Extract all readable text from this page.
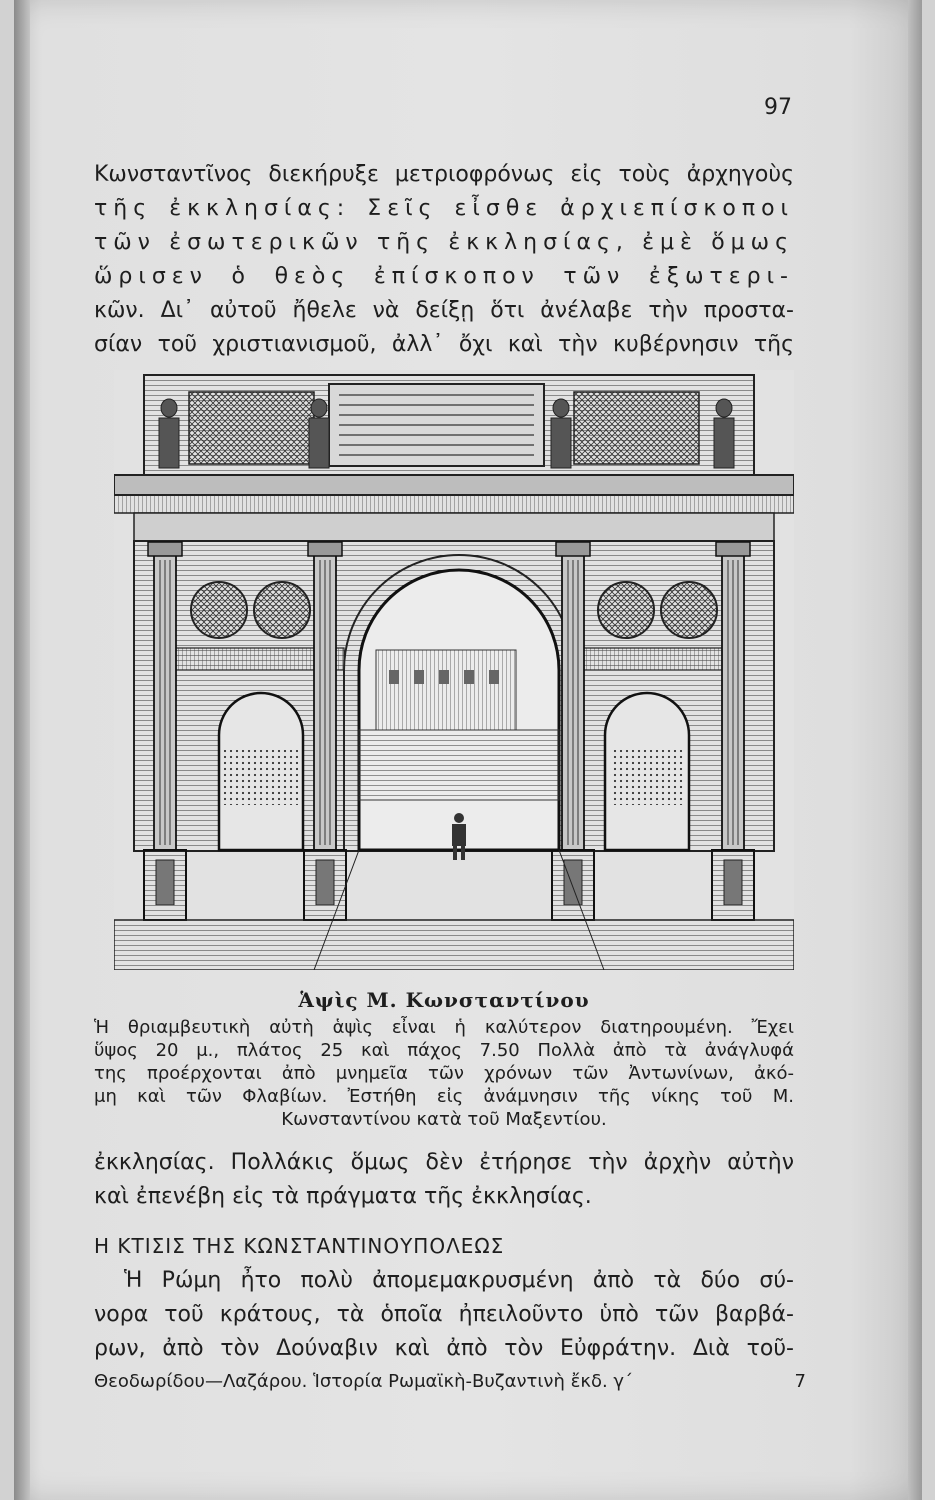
97
Κωνσταντῖνος διεκήρυξε μετριοφρόνως εἰς τοὺς ἀρχηγοὺς
τῆς ἐκκλησίας: Σεῖς εἶσθε ἀρχιεπίσκοποι
τῶν ἐσωτερικῶν τῆς ἐκκλησίας, ἐμὲ ὅμως
ὥρισεν ὁ θεὸς ἐπίσκοπον τῶν ἐξωτερι-
κῶν. Δι᾽ αὐτοῦ ἤθελε νὰ δείξῃ ὅτι ἀνέλαβε τὴν προστα-
σίαν τοῦ χριστιανισμοῦ, ἀλλ᾽ ὄχι καὶ τὴν κυβέρνησιν τῆς
Ἁψὶς Μ. Κωνσταντίνου
Ἡ θριαμβευτικὴ αὐτὴ ἁψὶς εἶναι ἡ καλύτερον διατηρουμένη. Ἔχει
ὕψος 20 μ., πλάτος 25 καὶ πάχος 7.50 Πολλὰ ἀπὸ τὰ ἀνάγλυφά
της προέρχονται ἀπὸ μνημεῖα τῶν χρόνων τῶν Ἀντωνίνων, ἀκό-
μη καὶ τῶν Φλαβίων. Ἐστήθη εἰς ἀνάμνησιν τῆς νίκης τοῦ Μ.
Κωνσταντίνου κατὰ τοῦ Μαξεντίου.
ἐκκλησίας. Πολλάκις ὅμως δὲν ἐτήρησε τὴν ἀρχὴν αὐτὴν
καὶ ἐπενέβη εἰς τὰ πράγματα τῆς ἐκκλησίας.
Η ΚΤΙΣΙΣ ΤΗΣ ΚΩΝΣΤΑΝΤΙΝΟΥΠΟΛΕΩΣ
Ἡ Ρώμη ἦτο πολὺ ἀπομεμακρυσμένη ἀπὸ τὰ δύο σύ-
νορα τοῦ κράτους, τὰ ὁποῖα ἠπειλοῦντο ὑπὸ τῶν βαρβά-
ρων, ἀπὸ τὸν Δούναβιν καὶ ἀπὸ τὸν Εὐφράτην. Διὰ τοῦ-
Θεοδωρίδου—Λαζάρου. Ἱστορία Ρωμαϊκὴ-Βυζαντινὴ ἔκδ. γ΄	7
